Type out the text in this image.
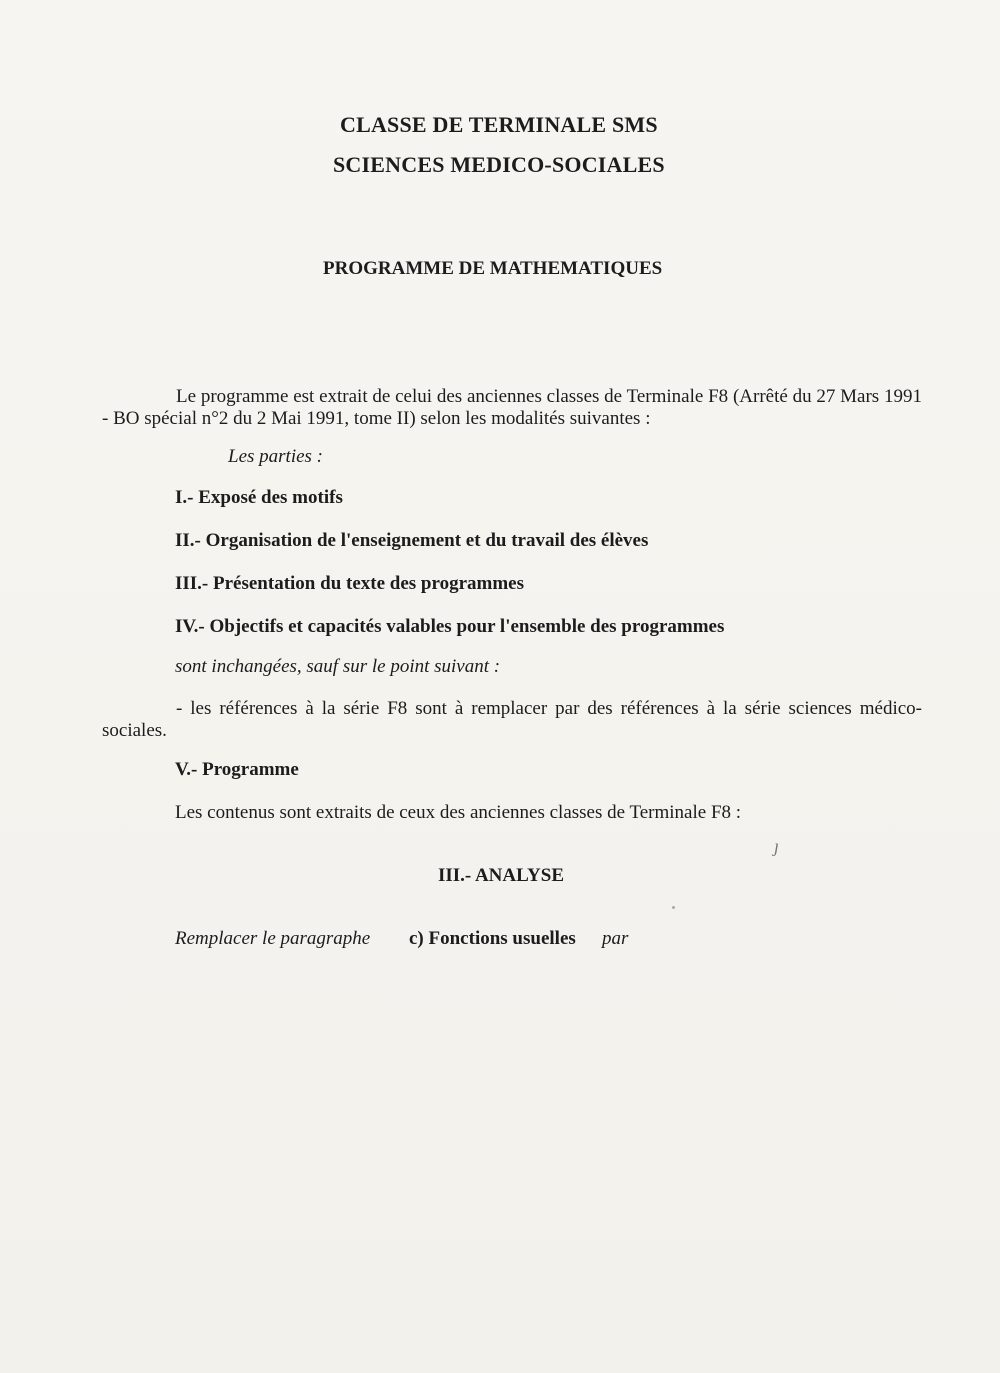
CLASSE DE TERMINALE SMS
SCIENCES MEDICO-SOCIALES
PROGRAMME DE MATHEMATIQUES
Le programme est extrait de celui des anciennes classes de Terminale F8 (Arrêté du 27 Mars 1991 - BO spécial n°2 du 2 Mai 1991, tome II) selon les modalités suivantes :
Les parties :
I.- Exposé des motifs
II.- Organisation de l'enseignement et du travail des élèves
III.- Présentation du texte des programmes
IV.- Objectifs et capacités valables pour l'ensemble des programmes
sont inchangées, sauf sur le point suivant :
- les références à la série F8 sont à remplacer par des références à la série sciences médico-sociales.
V.- Programme
Les contenus sont extraits de ceux des anciennes classes de Terminale F8 :
ȷ
III.- ANALYSE
Remplacer le paragraphe c) Fonctions usuelles par
